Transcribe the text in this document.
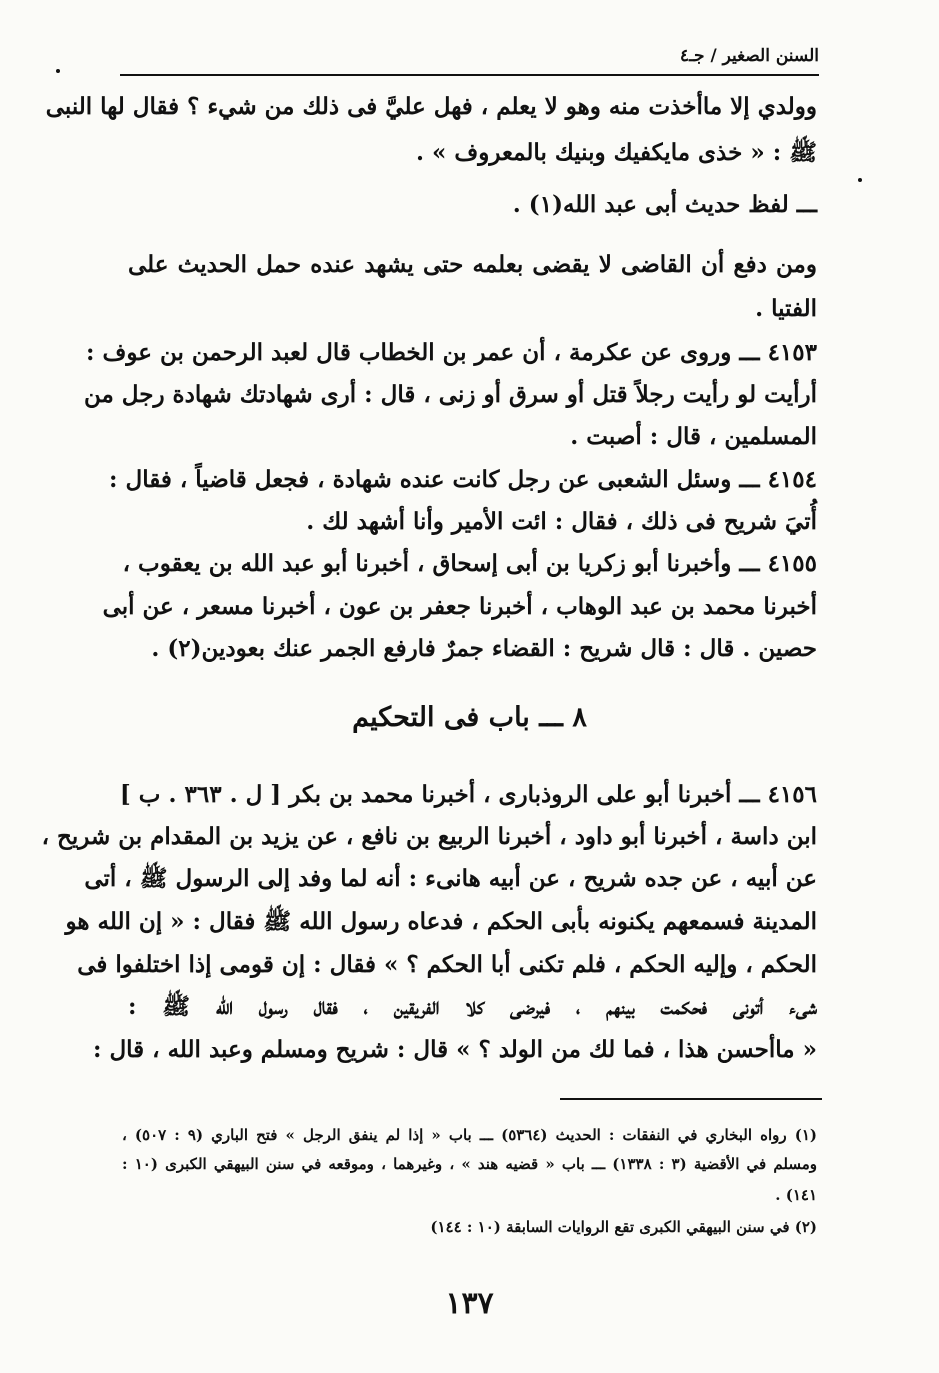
السنن الصغير / جـ٤
وولدي إلا ماأخذت منه وهو لا يعلم ، فهل عليَّ فى ذلك من شيء ؟ فقال لها النبى
ﷺ : « خذى مايكفيك وبنيك بالمعروف » .
ـــ لفظ حديث أبى عبد الله(١) .
ومن دفع أن القاضى لا يقضى بعلمه حتى يشهد عنده حمل الحديث على
الفتيا .
٤١٥٣ ـــ وروى عن عكرمة ، أن عمر بن الخطاب قال لعبد الرحمن بن عوف :
أرأيت لو رأيت رجلاً قتل أو سرق أو زنى ، قال : أرى شهادتك شهادة رجل من
المسلمين ، قال : أصبت .
٤١٥٤ ـــ وسئل الشعبى عن رجل كانت عنده شهادة ، فجعل قاضياً ، فقال :
أُتيَ شريح فى ذلك ، فقال : ائت الأمير وأنا أشهد لك .
٤١٥٥ ـــ وأخبرنا أبو زكريا بن أبى إسحاق ، أخبرنا أبو عبد الله بن يعقوب ،
أخبرنا محمد بن عبد الوهاب ، أخبرنا جعفر بن عون ، أخبرنا مسعر ، عن أبى
حصين . قال : قال شريح : القضاء جمرٌ فارفع الجمر عنك بعودين(٢) .
٤١٥٦ ـــ أخبرنا أبو على الروذبارى ، أخبرنا محمد بن بكر [ ل . ٣٦٣ . ب ]
ابن داسة ، أخبرنا أبو داود ، أخبرنا الربيع بن نافع ، عن يزيد بن المقدام بن شريح ،
عن أبيه ، عن جده شريح ، عن أبيه هانىء : أنه لما وفد إلى الرسول ﷺ ، أتى
المدينة فسمعهم يكنونه بأبى الحكم ، فدعاه رسول الله ﷺ فقال : « إن الله هو
الحكم ، وإليه الحكم ، فلم تكنى أبا الحكم ؟ » فقال : إن قومى إذا اختلفوا فى
شىء أتونى فحكمت بينهم ، فيرضى كلا الفريقين ، فقال رسول الله ﷺ :
« ماأحسن هذا ، فما لك من الولد ؟ » قال : شريح ومسلم وعبد الله ، قال :
٨ ـــ باب فى التحكيم
(١) رواه البخاري في النفقات : الحديث (٥٣٦٤) ـــ باب « إذا لم ينفق الرجل » فتح الباري (٩ : ٥٠٧) ،
ومسلم في الأقضية (٣ : ١٣٣٨) ـــ باب « قضيه هند » ، وغيرهما ، وموقعه في سنن البيهقي الكبرى (١٠ :
١٤١) .
(٢) في سنن البيهقي الكبرى تقع الروايات السابقة (١٠ : ١٤٤)
١٣٧
